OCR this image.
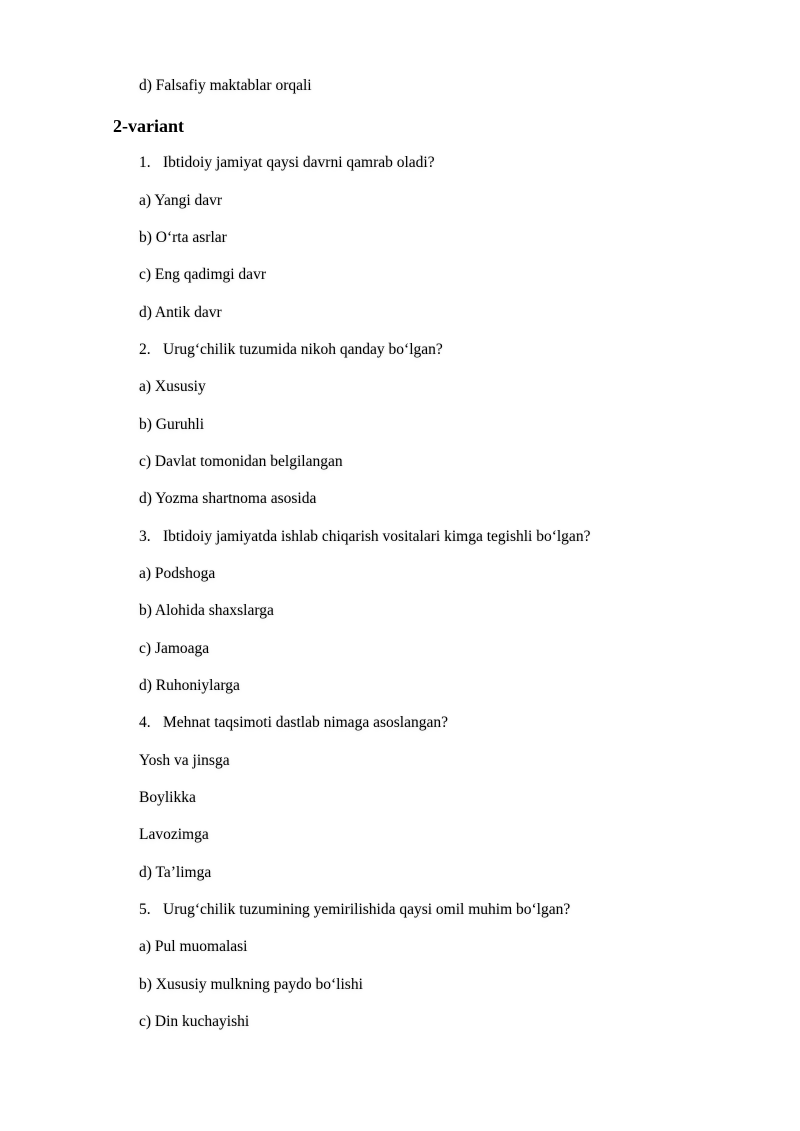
d) Falsafiy maktablar orqali
2-variant
1. Ibtidoiy jamiyat qaysi davrni qamrab oladi?
a) Yangi davr
b) O‘rta asrlar
c) Eng qadimgi davr
d) Antik davr
2. Urug‘chilik tuzumida nikoh qanday bo‘lgan?
a) Xususiy
b) Guruhli
c) Davlat tomonidan belgilangan
d) Yozma shartnoma asosida
3. Ibtidoiy jamiyatda ishlab chiqarish vositalari kimga tegishli bo‘lgan?
a) Podshoga
b) Alohida shaxslarga
c) Jamoaga
d) Ruhoniylarga
4. Mehnat taqsimoti dastlab nimaga asoslangan?
Yosh va jinsga
Boylikka
Lavozimga
d) Ta’limga
5. Urug‘chilik tuzumining yemirilishida qaysi omil muhim bo‘lgan?
a) Pul muomalasi
b) Xususiy mulkning paydo bo‘lishi
c) Din kuchayishi
